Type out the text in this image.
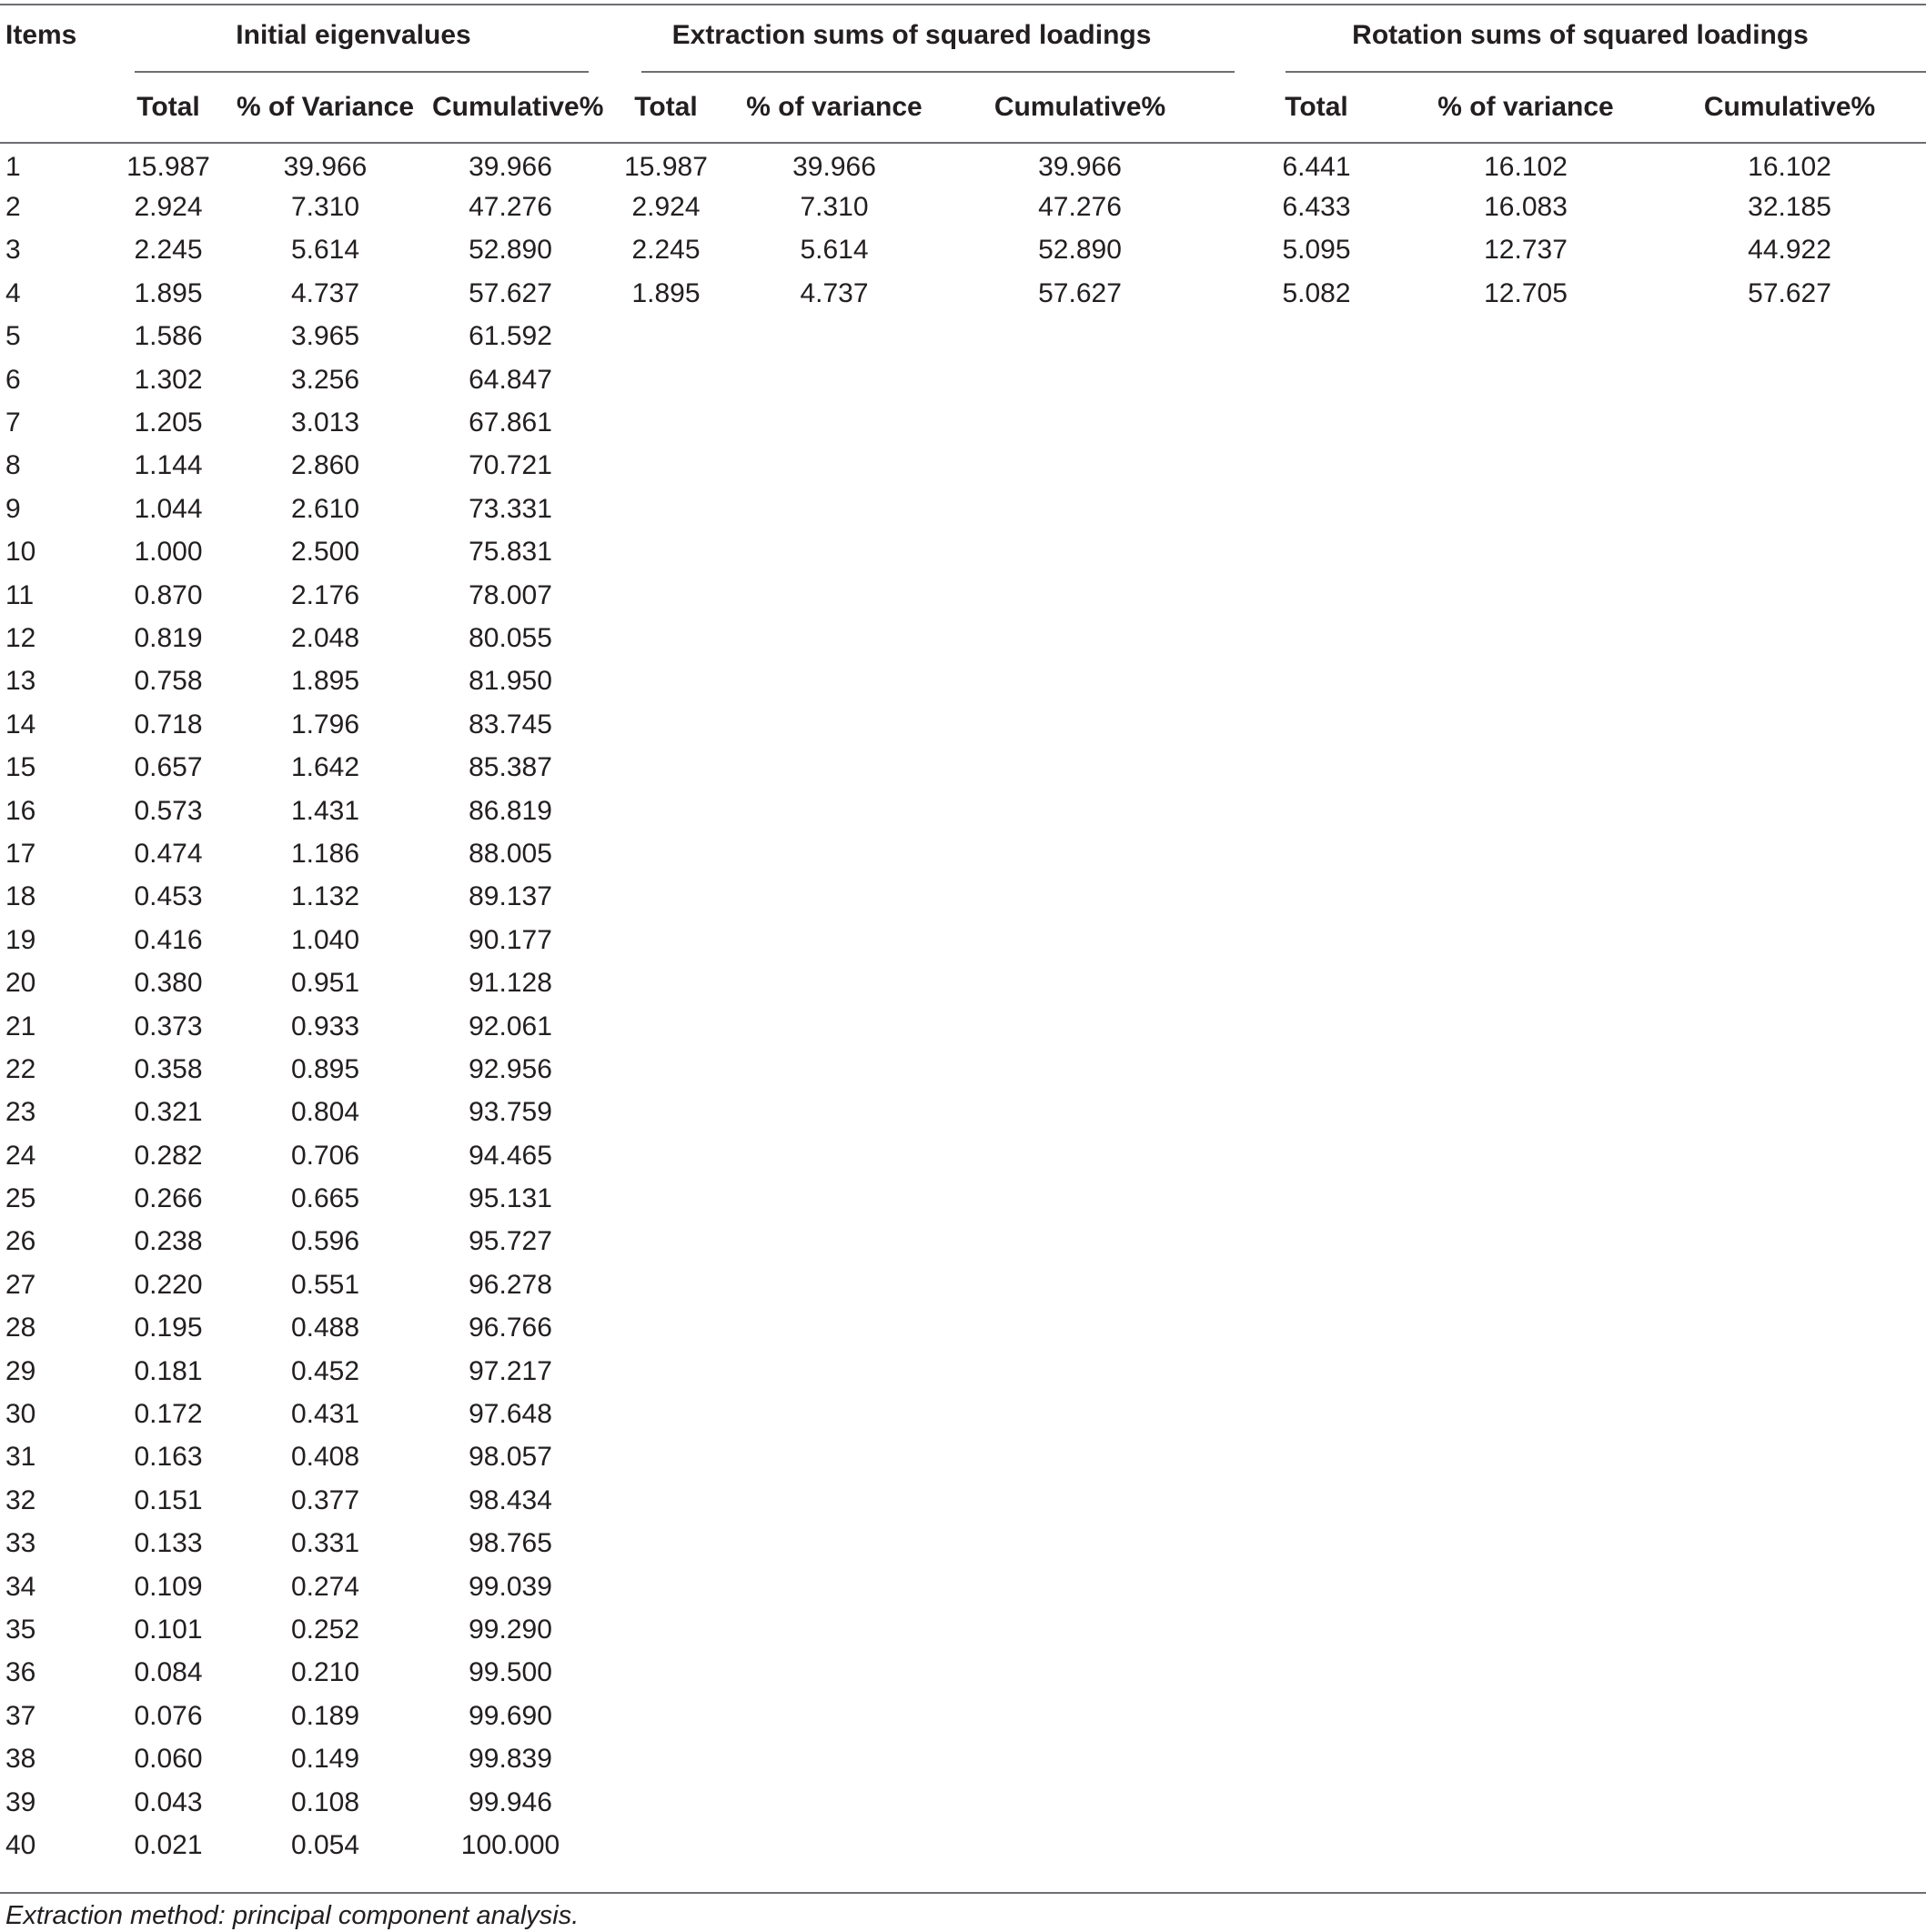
Items	Initial eigenvalues			Extraction sums of squared loadings			Rotation sums of squared loadings		

	Total	% of Variance	Cumulative%	Total	% of variance	Cumulative%	Total	% of variance	Cumulative%
1	15.987	39.966	39.966	15.987	39.966	39.966	6.441	16.102	16.102
2	2.924	7.310	47.276	2.924	7.310	47.276	6.433	16.083	32.185
3	2.245	5.614	52.890	2.245	5.614	52.890	5.095	12.737	44.922
4	1.895	4.737	57.627	1.895	4.737	57.627	5.082	12.705	57.627
5	1.586	3.965	61.592						
6	1.302	3.256	64.847						
7	1.205	3.013	67.861						
8	1.144	2.860	70.721						
9	1.044	2.610	73.331						
10	1.000	2.500	75.831						
11	0.870	2.176	78.007						
12	0.819	2.048	80.055						
13	0.758	1.895	81.950						
14	0.718	1.796	83.745						
15	0.657	1.642	85.387						
16	0.573	1.431	86.819						
17	0.474	1.186	88.005						
18	0.453	1.132	89.137						
19	0.416	1.040	90.177						
20	0.380	0.951	91.128						
21	0.373	0.933	92.061						
22	0.358	0.895	92.956						
23	0.321	0.804	93.759						
24	0.282	0.706	94.465						
25	0.266	0.665	95.131						
26	0.238	0.596	95.727						
27	0.220	0.551	96.278						
28	0.195	0.488	96.766						
29	0.181	0.452	97.217						
30	0.172	0.431	97.648						
31	0.163	0.408	98.057						
32	0.151	0.377	98.434						
33	0.133	0.331	98.765						
34	0.109	0.274	99.039						
35	0.101	0.252	99.290						
36	0.084	0.210	99.500						
37	0.076	0.189	99.690						
38	0.060	0.149	99.839						
39	0.043	0.108	99.946						
40	0.021	0.054	100.000						
Extraction method: principal component analysis.
